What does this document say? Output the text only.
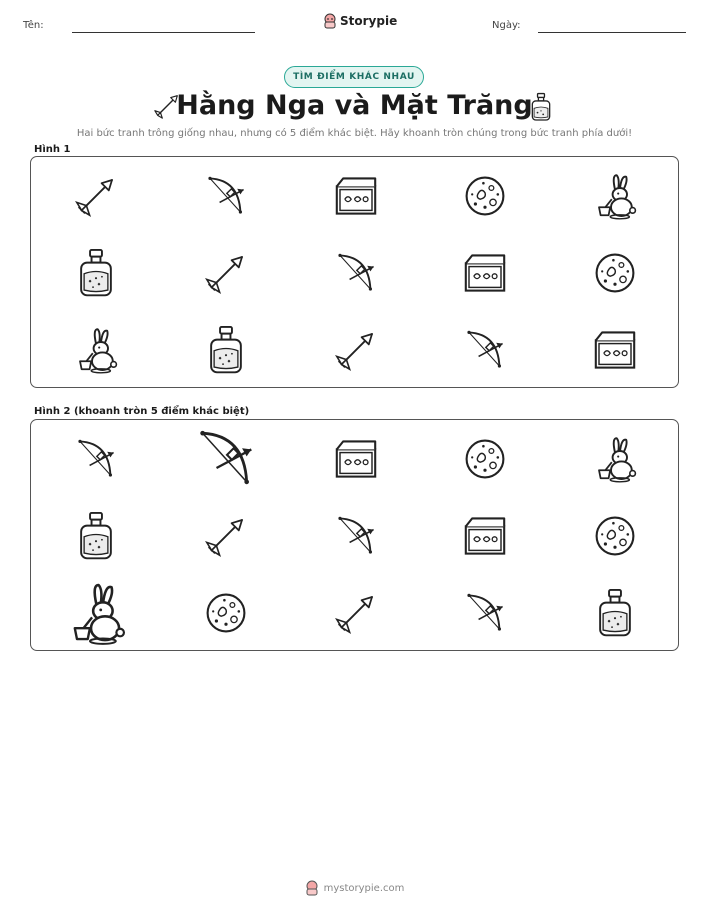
Tên:	Storypie	Ngày:
TÌM ĐIỂM KHÁC NHAU
Hằng Nga và Mặt Trăng
Hai bức tranh trông giống nhau, nhưng có 5 điểm khác biệt. Hãy khoanh tròn chúng trong bức tranh phía dưới!
Hình 1
Hình 2 (khoanh tròn 5 điểm khác biệt)
mystorypie.com
